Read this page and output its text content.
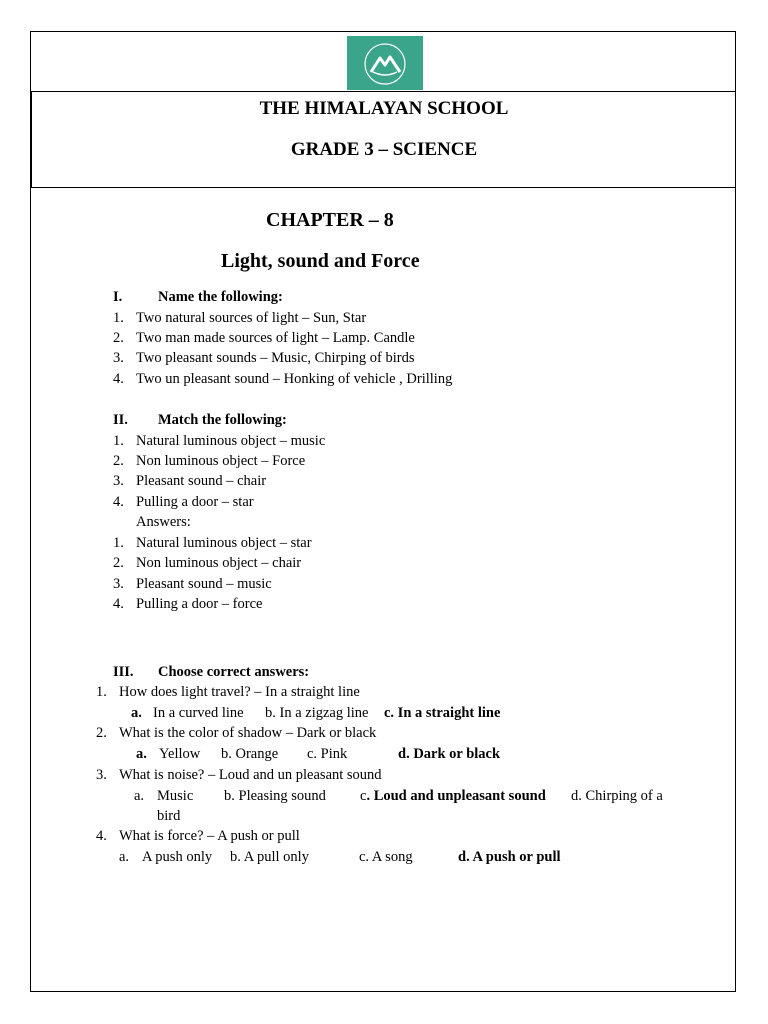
THE HIMALAYAN SCHOOL
GRADE 3 – SCIENCE
CHAPTER – 8
Light, sound and Force
I. Name the following:
1. Two natural sources of light – Sun, Star
2. Two man made sources of light – Lamp. Candle
3. Two pleasant sounds – Music, Chirping of birds
4. Two un pleasant sound – Honking of vehicle , Drilling
II. Match the following:
1. Natural luminous object – music
2. Non luminous object – Force
3. Pleasant sound – chair
4. Pulling a door – star
Answers:
1. Natural luminous object – star
2. Non luminous object – chair
3. Pleasant sound – music
4. Pulling a door – force
III. Choose correct answers:
1. How does light travel? – In a straight line
a. In a curved line b. In a zigzag line c. In a straight line
2. What is the color of shadow – Dark or black
a. Yellow b. Orange c. Pink	d. Dark or black
3. What is noise? – Loud and un pleasant sound
a. Music b. Pleasing sound c. Loud and unpleasant sound d. Chirping of a
bird
4. What is force? – A push or pull
a. A push only b. A pull only	c. A song	d. A push or pull
